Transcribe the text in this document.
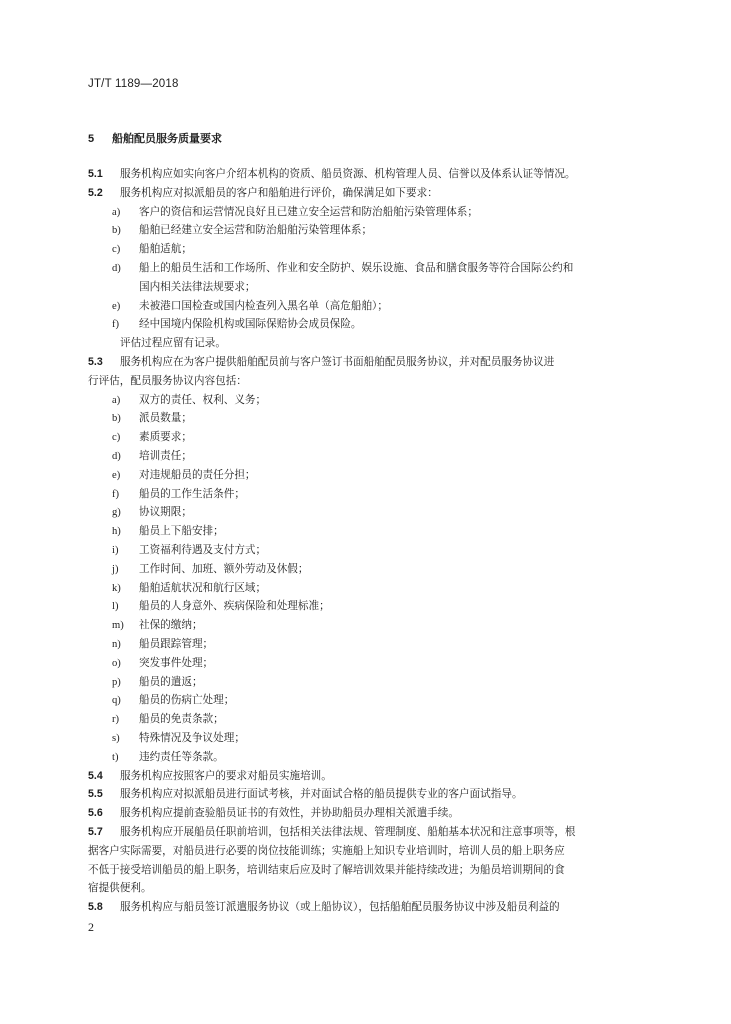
JT/T 1189—2018
5 船舶配员服务质量要求
5.1 服务机构应如实向客户介绍本机构的资质、船员资源、机构管理人员、信誉以及体系认证等情况。
5.2 服务机构应对拟派船员的客户和船舶进行评价，确保满足如下要求：
a) 客户的资信和运营情况良好且已建立安全运营和防治船舶污染管理体系；
b) 船舶已经建立安全运营和防治船舶污染管理体系；
c) 船舶适航；
d) 船上的船员生活和工作场所、作业和安全防护、娱乐设施、食品和膳食服务等符合国际公约和
国内相关法律法规要求；
e) 未被港口国检查或国内检查列入黑名单（高危船舶）；
f) 经中国境内保险机构或国际保赔协会成员保险。
评估过程应留有记录。
5.3 服务机构应在为客户提供船舶配员前与客户签订书面船舶配员服务协议，并对配员服务协议进
行评估，配员服务协议内容包括：
a) 双方的责任、权利、义务；
b) 派员数量；
c) 素质要求；
d) 培训责任；
e) 对违规船员的责任分担；
f) 船员的工作生活条件；
g) 协议期限；
h) 船员上下船安排；
i) 工资福利待遇及支付方式；
j) 工作时间、加班、额外劳动及休假；
k) 船舶适航状况和航行区域；
l) 船员的人身意外、疾病保险和处理标准；
m) 社保的缴纳；
n) 船员跟踪管理；
o) 突发事件处理；
p) 船员的遣返；
q) 船员的伤病亡处理；
r) 船员的免责条款；
s) 特殊情况及争议处理；
t) 违约责任等条款。
5.4 服务机构应按照客户的要求对船员实施培训。
5.5 服务机构应对拟派船员进行面试考核，并对面试合格的船员提供专业的客户面试指导。
5.6 服务机构应提前查验船员证书的有效性，并协助船员办理相关派遣手续。
5.7 服务机构应开展船员任职前培训，包括相关法律法规、管理制度、船舶基本状况和注意事项等，根
据客户实际需要，对船员进行必要的岗位技能训练；实施船上知识专业培训时，培训人员的船上职务应
不低于接受培训船员的船上职务，培训结束后应及时了解培训效果并能持续改进；为船员培训期间的食
宿提供便利。
5.8 服务机构应与船员签订派遣服务协议（或上船协议），包括船舶配员服务协议中涉及船员利益的
2
